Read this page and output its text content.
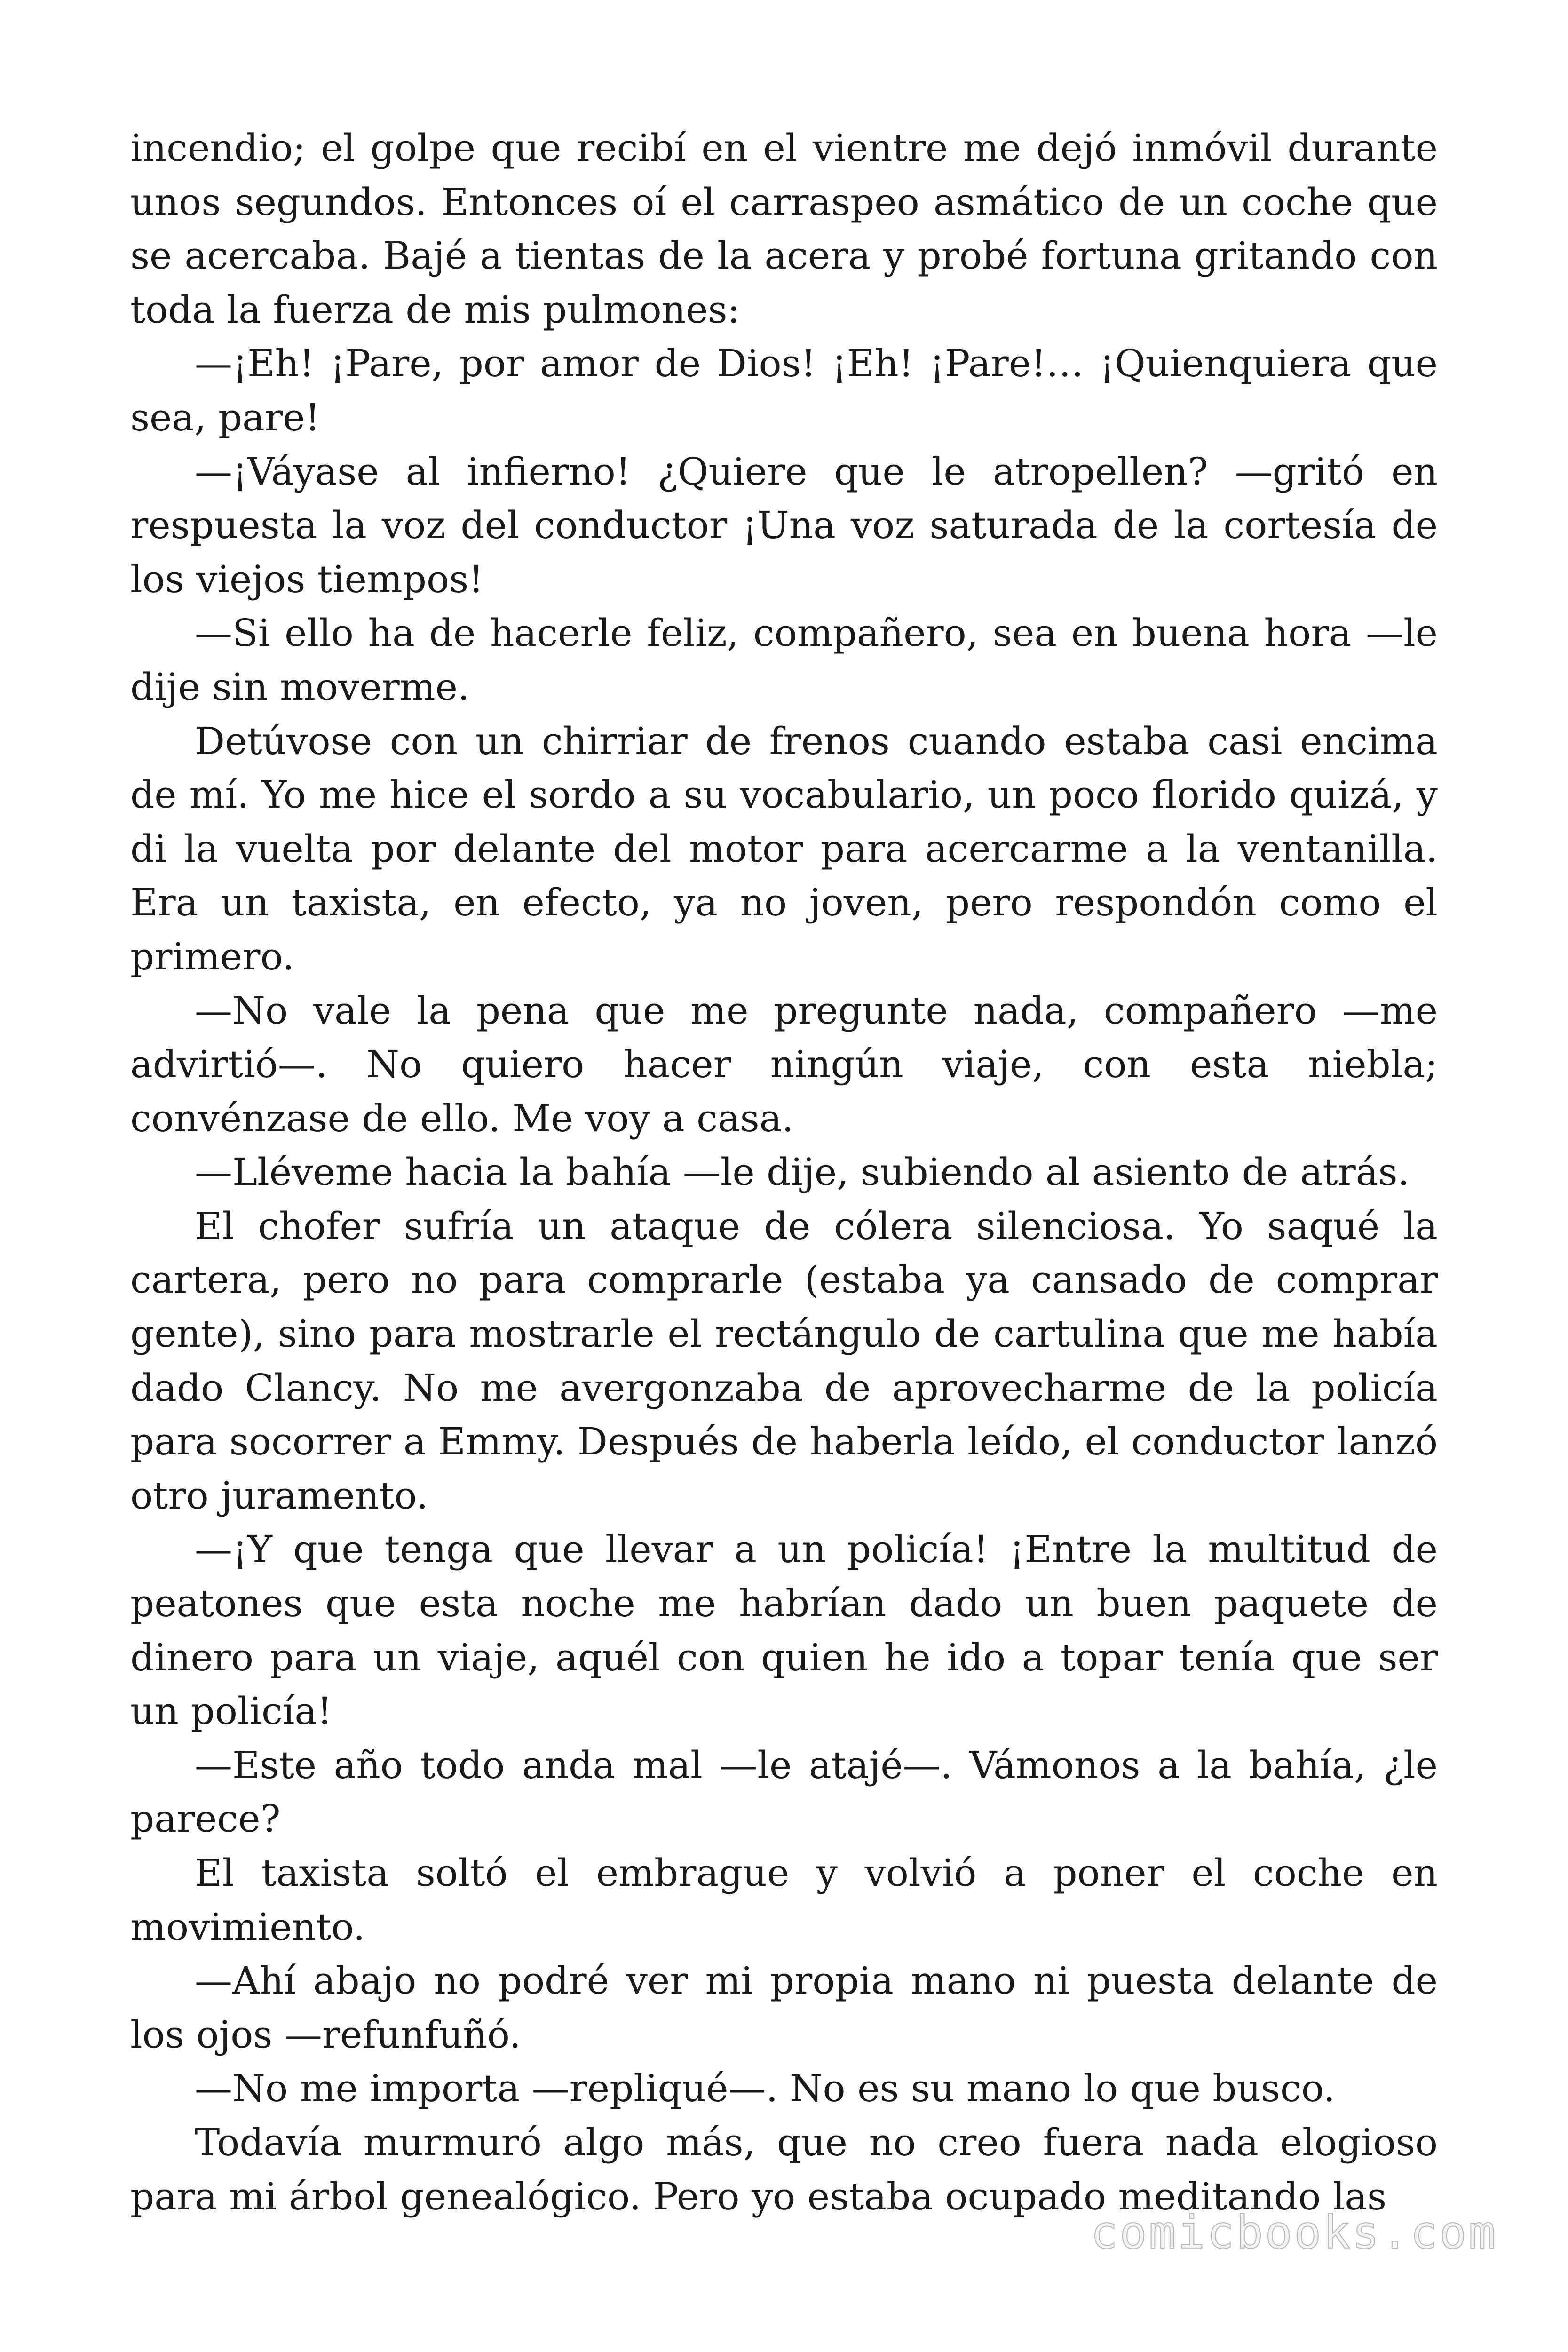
incendio; el golpe que recibí en el vientre me dejó inmóvil durante unos segundos. Entonces oí el carraspeo asmático de un coche que se acercaba. Bajé a tientas de la acera y probé fortuna gritando con toda la fuerza de mis pulmones:

—¡Eh! ¡Pare, por amor de Dios! ¡Eh! ¡Pare!… ¡Quienquiera que sea, pare!

—¡Váyase al infierno! ¿Quiere que le atropellen? —gritó en respuesta la voz del conductor ¡Una voz saturada de la cortesía de los viejos tiempos!

—Si ello ha de hacerle feliz, compañero, sea en buena hora —le dije sin moverme.

Detúvose con un chirriar de frenos cuando estaba casi encima de mí. Yo me hice el sordo a su vocabulario, un poco florido quizá, y di la vuelta por delante del motor para acercarme a la ventanilla. Era un taxista, en efecto, ya no joven, pero respondón como el primero.

—No vale la pena que me pregunte nada, compañero —me advirtió—. No quiero hacer ningún viaje, con esta niebla; convénzase de ello. Me voy a casa.

—Lléveme hacia la bahía —le dije, subiendo al asiento de atrás.

El chofer sufría un ataque de cólera silenciosa. Yo saqué la cartera, pero no para comprarle (estaba ya cansado de comprar gente), sino para mostrarle el rectángulo de cartulina que me había dado Clancy. No me avergonzaba de aprovecharme de la policía para socorrer a Emmy. Después de haberla leído, el conductor lanzó otro juramento.

—¡Y que tenga que llevar a un policía! ¡Entre la multitud de peatones que esta noche me habrían dado un buen paquete de dinero para un viaje, aquél con quien he ido a topar tenía que ser un policía!

—Este año todo anda mal —le atajé—. Vámonos a la bahía, ¿le parece?

El taxista soltó el embrague y volvió a poner el coche en movimiento.

—Ahí abajo no podré ver mi propia mano ni puesta delante de los ojos —refunfuñó.

—No me importa —repliqué—. No es su mano lo que busco.

Todavía murmuró algo más, que no creo fuera nada elogioso para mi árbol genealógico. Pero yo estaba ocupado meditando las

comicbooks.com
